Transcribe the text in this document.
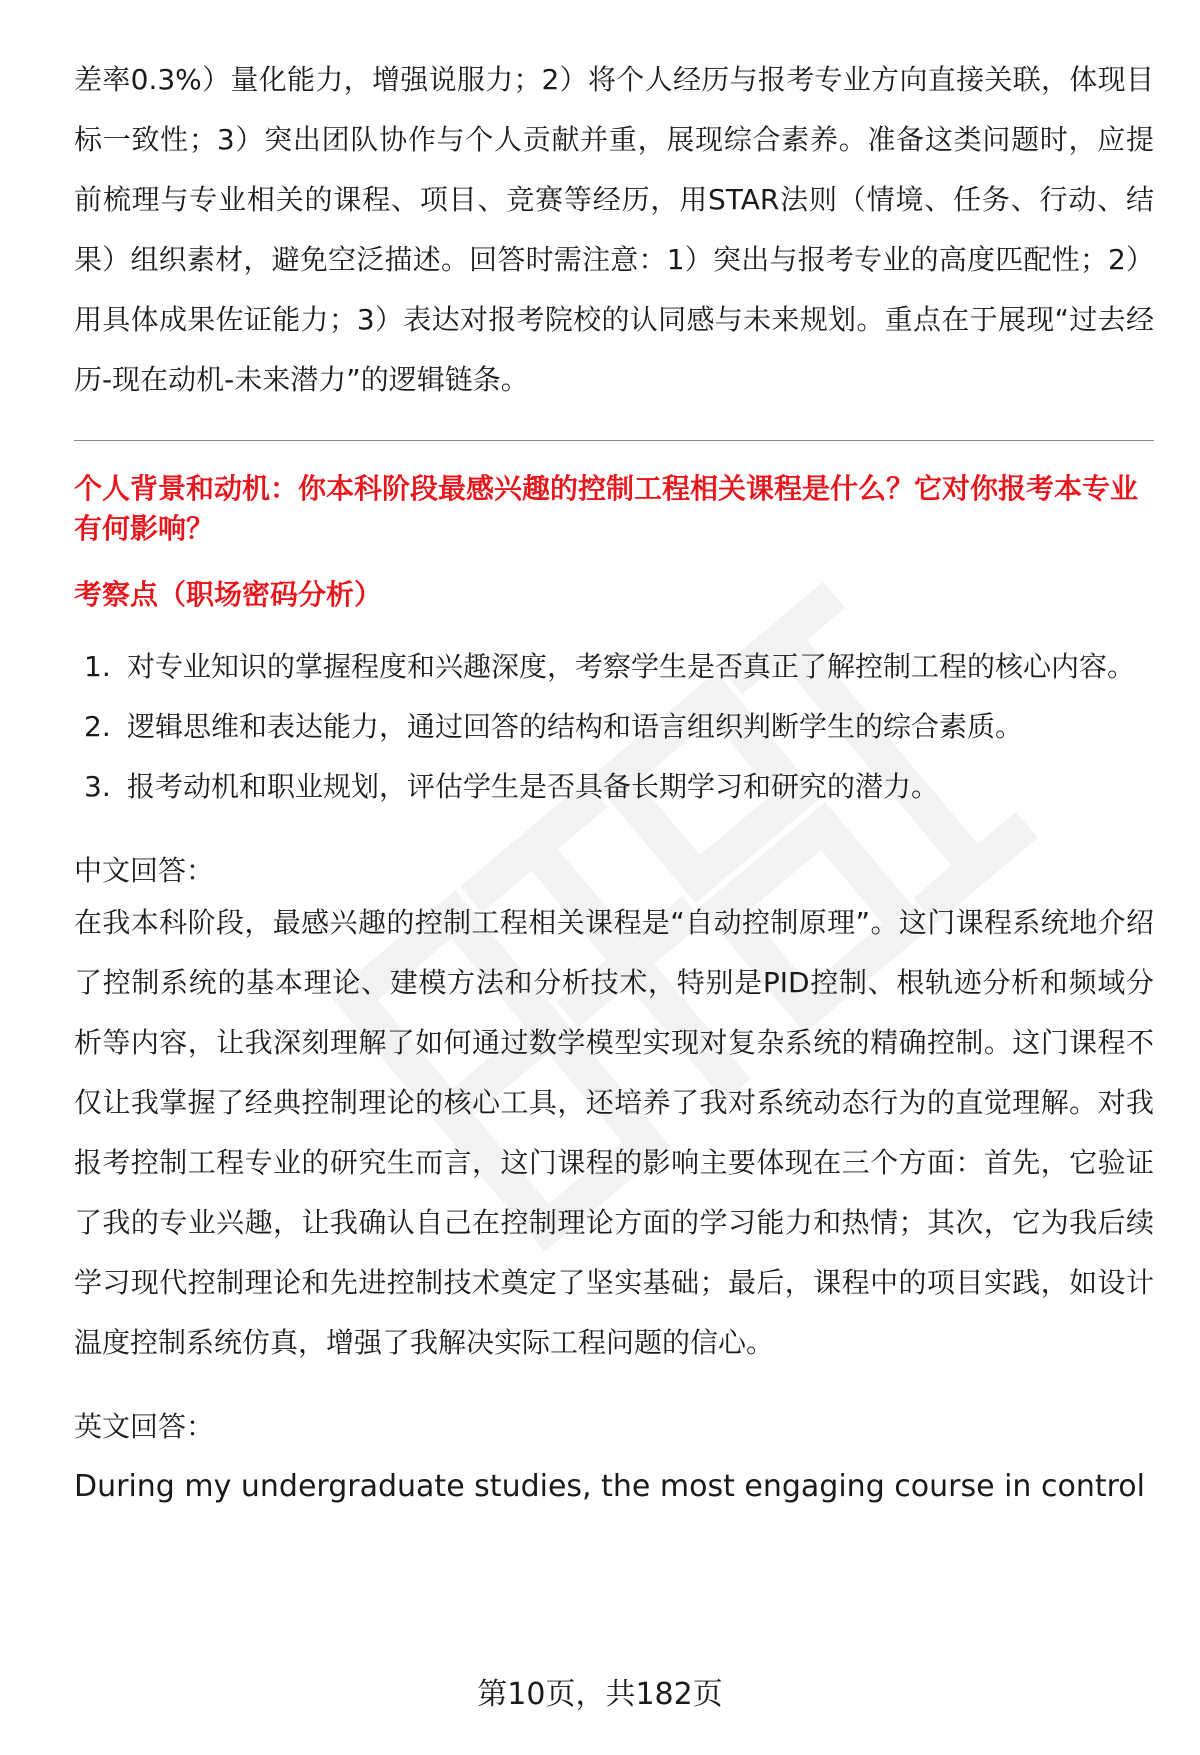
差率0.3%）量化能力，增强说服力；2）将个人经历与报考专业方向直接关联，体现目标一致性；3）突出团队协作与个人贡献并重，展现综合素养。准备这类问题时，应提前梳理与专业相关的课程、项目、竞赛等经历，用STAR法则（情境、任务、行动、结果）组织素材，避免空泛描述。回答时需注意：1）突出与报考专业的高度匹配性；2）用具体成果佐证能力；3）表达对报考院校的认同感与未来规划。重点在于展现“过去经历-现在动机-未来潜力”的逻辑链条。

个人背景和动机：你本科阶段最感兴趣的控制工程相关课程是什么？它对你报考本专业有何影响？

考察点（职场密码分析）

1. 对专业知识的掌握程度和兴趣深度，考察学生是否真正了解控制工程的核心内容。
2. 逻辑思维和表达能力，通过回答的结构和语言组织判断学生的综合素质。
3. 报考动机和职业规划，评估学生是否具备长期学习和研究的潜力。

中文回答：

在我本科阶段，最感兴趣的控制工程相关课程是“自动控制原理”。这门课程系统地介绍了控制系统的基本理论、建模方法和分析技术，特别是PID控制、根轨迹分析和频域分析等内容，让我深刻理解了如何通过数学模型实现对复杂系统的精确控制。这门课程不仅让我掌握了经典控制理论的核心工具，还培养了我对系统动态行为的直觉理解。对我报考控制工程专业的研究生而言，这门课程的影响主要体现在三个方面：首先，它验证了我的专业兴趣，让我确认自己在控制理论方面的学习能力和热情；其次，它为我后续学习现代控制理论和先进控制技术奠定了坚实基础；最后，课程中的项目实践，如设计温度控制系统仿真，增强了我解决实际工程问题的信心。

英文回答：

During my undergraduate studies, the most engaging course in control

第10页，共182页
